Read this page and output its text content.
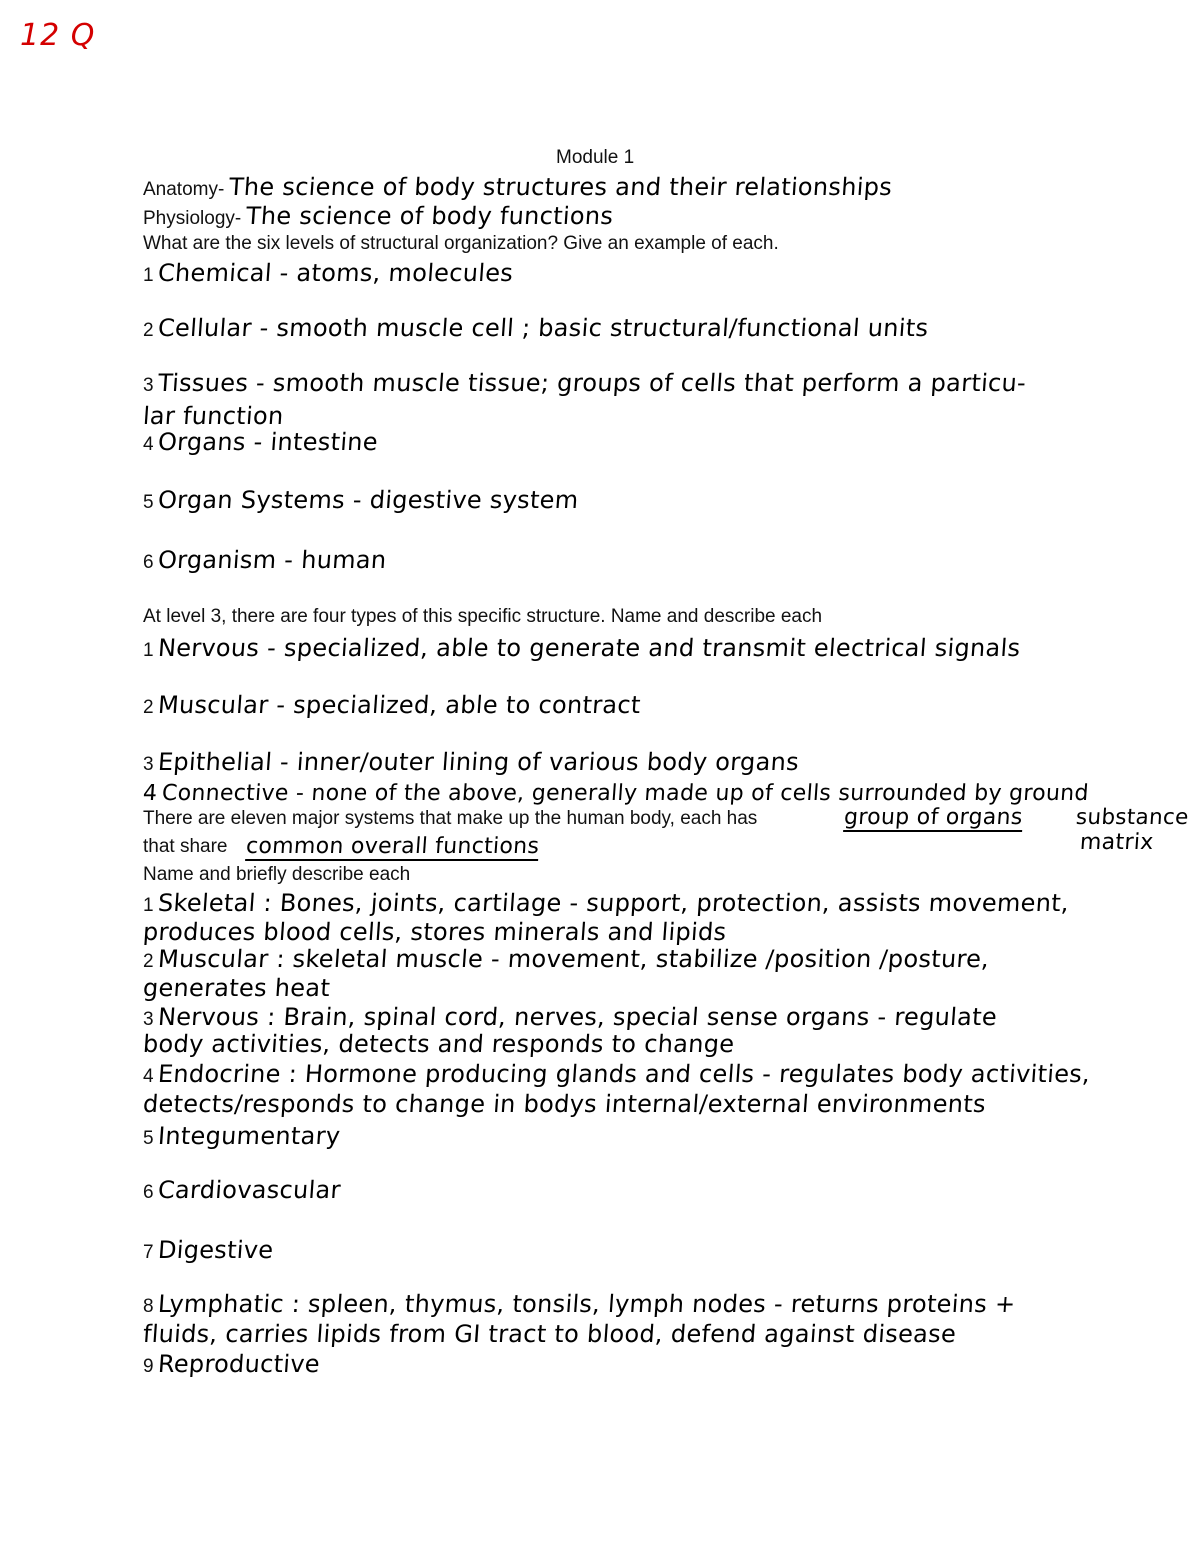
12 Q
Module 1
Anatomy- The science of body structures and their relationships
Physiology- The science of body functions
What are the six levels of structural organization? Give an example of each.
1 Chemical - atoms, molecules
2 Cellular - smooth muscle cell ; basic structural/functional units
3 Tissues - smooth muscle tissue; groups of cells that perform a particu-
lar function
4 Organs - intestine
5 Organ Systems - digestive system
6 Organism - human
At level 3, there are four types of this specific structure. Name and describe each
1 Nervous - specialized, able to generate and transmit electrical signals
2 Muscular - specialized, able to contract
3 Epithelial - inner/outer lining of various body organs
4 Connective - none of the above, generally made up of cells surrounded by ground
There are eleven major systems that make up the human body, each has	group of organs substance
that share common overall functions	matrix
Name and briefly describe each
1 Skeletal : Bones, joints, cartilage - support, protection, assists movement,
produces blood cells, stores minerals and lipids
2 Muscular : skeletal muscle - movement, stabilize /position /posture,
generates heat
3 Nervous : Brain, spinal cord, nerves, special sense organs - regulate
body activities, detects and responds to change
4 Endocrine : Hormone producing glands and cells - regulates body activities,
detects/responds to change in bodys internal/external environments
5 Integumentary
6 Cardiovascular
7 Digestive
8 Lymphatic : spleen, thymus, tonsils, lymph nodes - returns proteins +
fluids, carries lipids from GI tract to blood, defend against disease
9 Reproductive
